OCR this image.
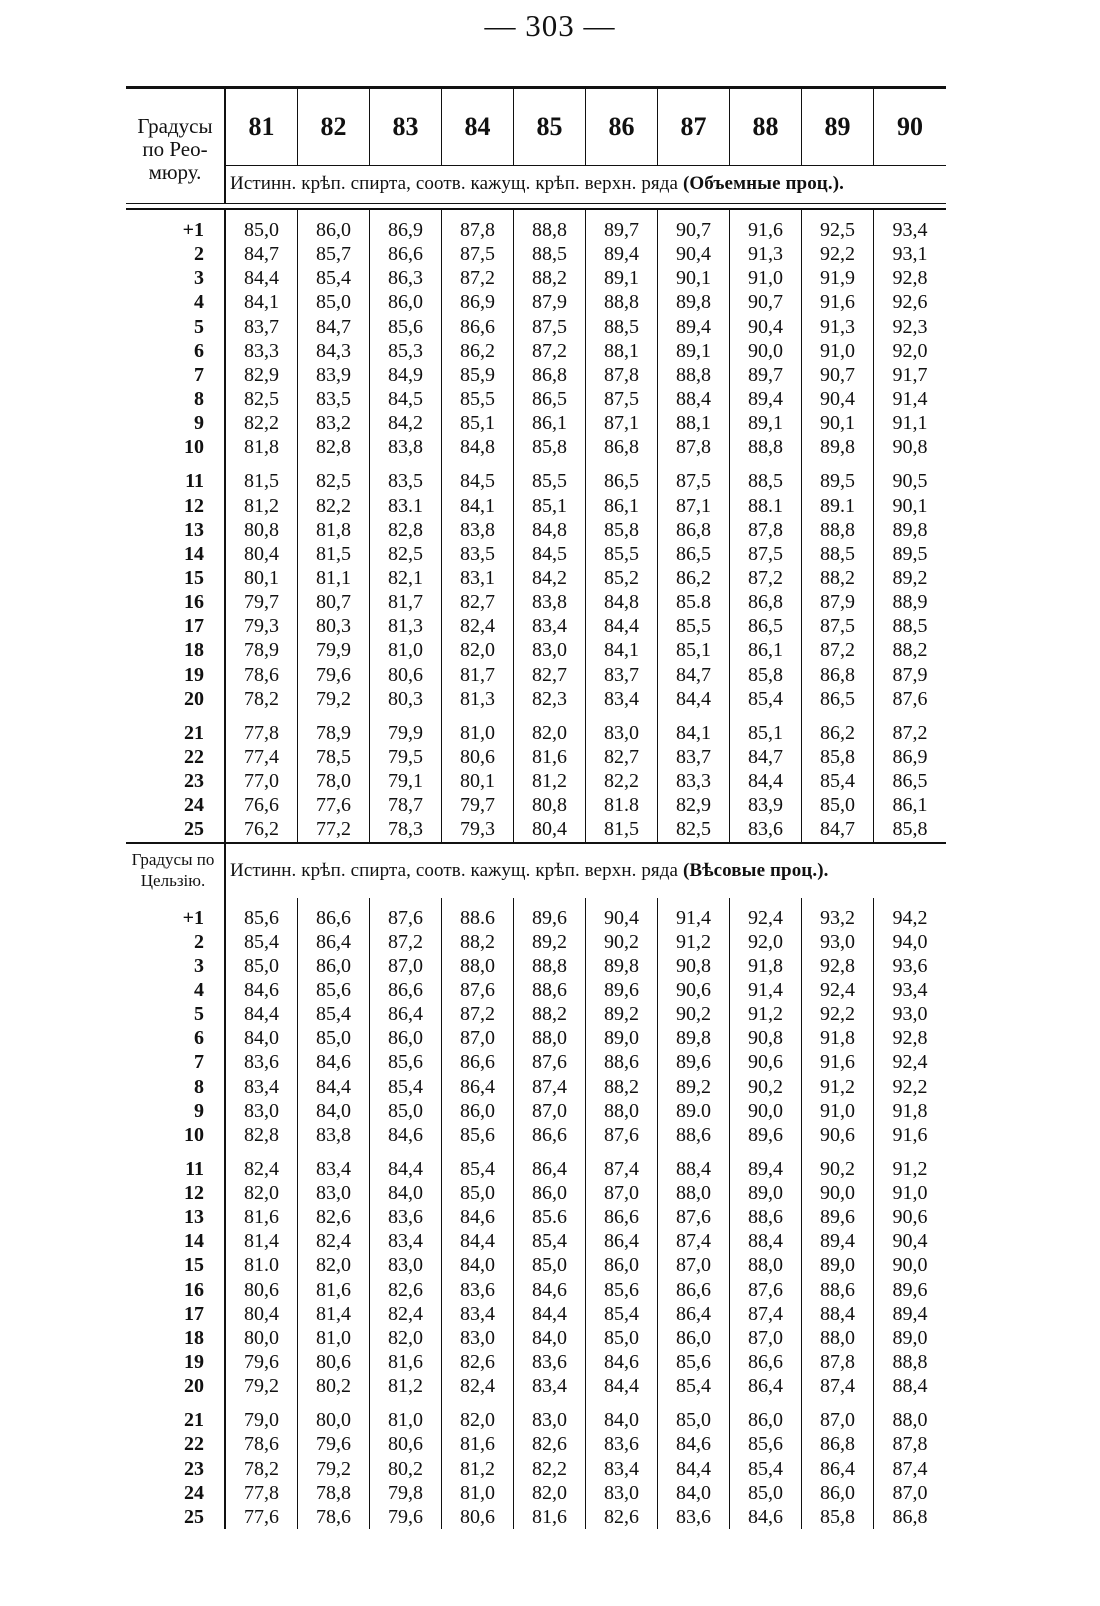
— 303 —
Градусы
по Рео-
мюру.
81	82	83	84	85	86	87	88	89	90
Истинн. крѣп. спирта, соотв. кажущ. крѣп. верхн. ряда (Объемные проц.).
+1	85,0	86,0	86,9	87,8	88,8	89,7	90,7	91,6	92,5	93,4
2	84,7	85,7	86,6	87,5	88,5	89,4	90,4	91,3	92,2	93,1
3	84,4	85,4	86,3	87,2	88,2	89,1	90,1	91,0	91,9	92,8
4	84,1	85,0	86,0	86,9	87,9	88,8	89,8	90,7	91,6	92,6
5	83,7	84,7	85,6	86,6	87,5	88,5	89,4	90,4	91,3	92,3
6	83,3	84,3	85,3	86,2	87,2	88,1	89,1	90,0	91,0	92,0
7	82,9	83,9	84,9	85,9	86,8	87,8	88,8	89,7	90,7	91,7
8	82,5	83,5	84,5	85,5	86,5	87,5	88,4	89,4	90,4	91,4
9	82,2	83,2	84,2	85,1	86,1	87,1	88,1	89,1	90,1	91,1
10	81,8	82,8	83,8	84,8	85,8	86,8	87,8	88,8	89,8	90,8
11	81,5	82,5	83,5	84,5	85,5	86,5	87,5	88,5	89,5	90,5
12	81,2	82,2	83.1	84,1	85,1	86,1	87,1	88.1	89.1	90,1
13	80,8	81,8	82,8	83,8	84,8	85,8	86,8	87,8	88,8	89,8
14	80,4	81,5	82,5	83,5	84,5	85,5	86,5	87,5	88,5	89,5
15	80,1	81,1	82,1	83,1	84,2	85,2	86,2	87,2	88,2	89,2
16	79,7	80,7	81,7	82,7	83,8	84,8	85.8	86,8	87,9	88,9
17	79,3	80,3	81,3	82,4	83,4	84,4	85,5	86,5	87,5	88,5
18	78,9	79,9	81,0	82,0	83,0	84,1	85,1	86,1	87,2	88,2
19	78,6	79,6	80,6	81,7	82,7	83,7	84,7	85,8	86,8	87,9
20	78,2	79,2	80,3	81,3	82,3	83,4	84,4	85,4	86,5	87,6
21	77,8	78,9	79,9	81,0	82,0	83,0	84,1	85,1	86,2	87,2
22	77,4	78,5	79,5	80,6	81,6	82,7	83,7	84,7	85,8	86,9
23	77,0	78,0	79,1	80,1	81,2	82,2	83,3	84,4	85,4	86,5
24	76,6	77,6	78,7	79,7	80,8	81.8	82,9	83,9	85,0	86,1
25	76,2	77,2	78,3	79,3	80,4	81,5	82,5	83,6	84,7	85,8
Градусы по
Цельзію.	Истинн. крѣп. спирта, соотв. кажущ. крѣп. верхн. ряда (Вѣсовые проц.).
+1	85,6	86,6	87,6	88.6	89,6	90,4	91,4	92,4	93,2	94,2
2	85,4	86,4	87,2	88,2	89,2	90,2	91,2	92,0	93,0	94,0
3	85,0	86,0	87,0	88,0	88,8	89,8	90,8	91,8	92,8	93,6
4	84,6	85,6	86,6	87,6	88,6	89,6	90,6	91,4	92,4	93,4
5	84,4	85,4	86,4	87,2	88,2	89,2	90,2	91,2	92,2	93,0
6	84,0	85,0	86,0	87,0	88,0	89,0	89,8	90,8	91,8	92,8
7	83,6	84,6	85,6	86,6	87,6	88,6	89,6	90,6	91,6	92,4
8	83,4	84,4	85,4	86,4	87,4	88,2	89,2	90,2	91,2	92,2
9	83,0	84,0	85,0	86,0	87,0	88,0	89.0	90,0	91,0	91,8
10	82,8	83,8	84,6	85,6	86,6	87,6	88,6	89,6	90,6	91,6
11	82,4	83,4	84,4	85,4	86,4	87,4	88,4	89,4	90,2	91,2
12	82,0	83,0	84,0	85,0	86,0	87,0	88,0	89,0	90,0	91,0
13	81,6	82,6	83,6	84,6	85.6	86,6	87,6	88,6	89,6	90,6
14	81,4	82,4	83,4	84,4	85,4	86,4	87,4	88,4	89,4	90,4
15	81.0	82,0	83,0	84,0	85,0	86,0	87,0	88,0	89,0	90,0
16	80,6	81,6	82,6	83,6	84,6	85,6	86,6	87,6	88,6	89,6
17	80,4	81,4	82,4	83,4	84,4	85,4	86,4	87,4	88,4	89,4
18	80,0	81,0	82,0	83,0	84,0	85,0	86,0	87,0	88,0	89,0
19	79,6	80,6	81,6	82,6	83,6	84,6	85,6	86,6	87,8	88,8
20	79,2	80,2	81,2	82,4	83,4	84,4	85,4	86,4	87,4	88,4
21	79,0	80,0	81,0	82,0	83,0	84,0	85,0	86,0	87,0	88,0
22	78,6	79,6	80,6	81,6	82,6	83,6	84,6	85,6	86,8	87,8
23	78,2	79,2	80,2	81,2	82,2	83,4	84,4	85,4	86,4	87,4
24	77,8	78,8	79,8	81,0	82,0	83,0	84,0	85,0	86,0	87,0
25	77,6	78,6	79,6	80,6	81,6	82,6	83,6	84,6	85,8	86,8
